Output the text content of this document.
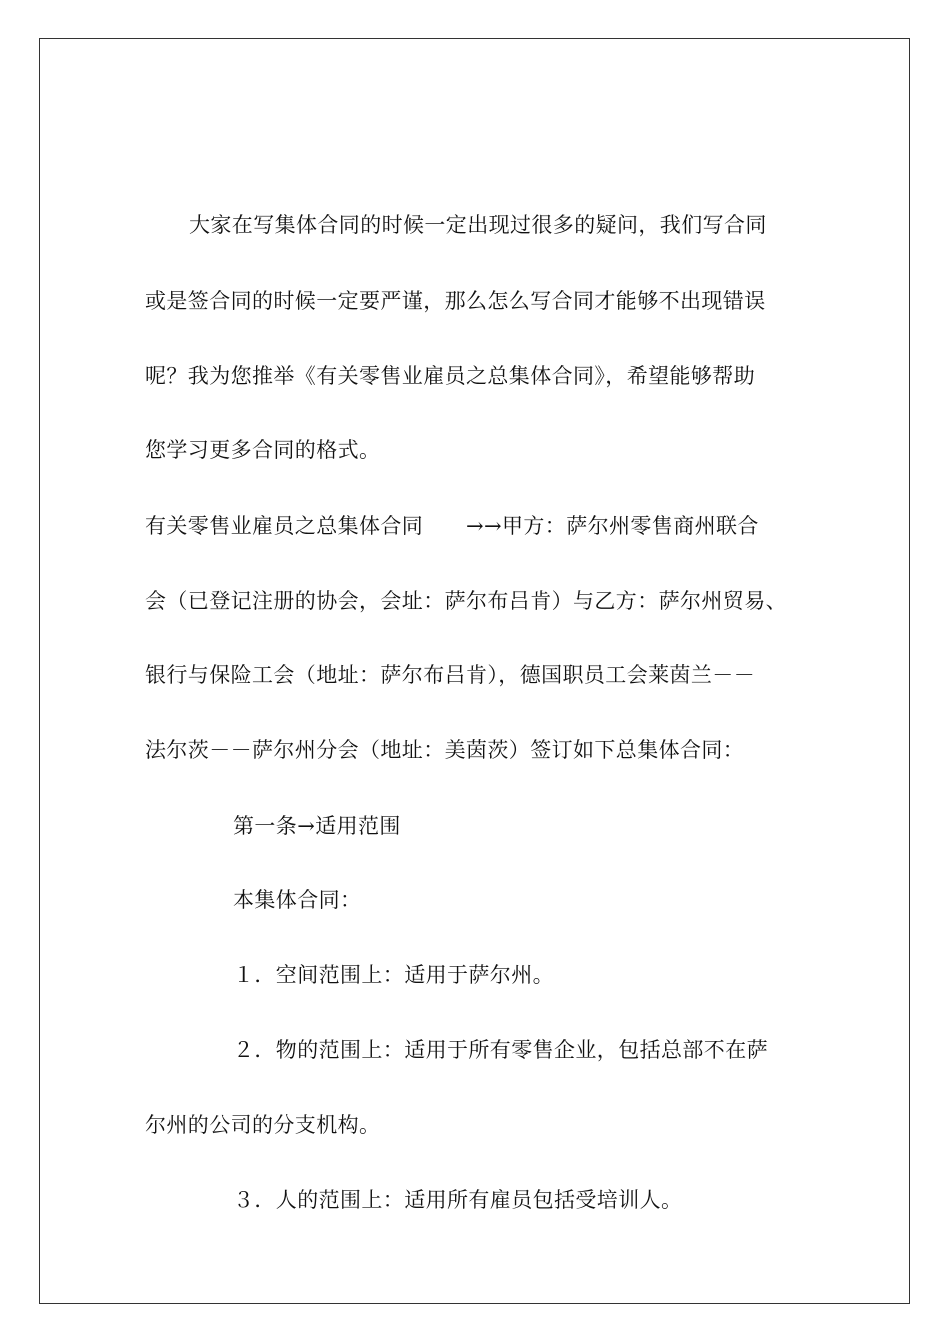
大家在写集体合同的时候一定出现过很多的疑问，我们写合同
或是签合同的时候一定要严谨，那么怎么写合同才能够不出现错误
呢？我为您推举《有关零售业雇员之总集体合同》，希望能够帮助
您学习更多合同的格式。
有关零售业雇员之总集体合同　　→→甲方：萨尔州零售商州联合
会（已登记注册的协会，会址：萨尔布吕肯）与乙方：萨尔州贸易、
银行与保险工会（地址：萨尔布吕肯），德国职员工会莱茵兰－－
法尔茨－－萨尔州分会（地址：美茵茨）签订如下总集体合同：
第一条→适用范围
本集体合同：
１．空间范围上：适用于萨尔州。
２．物的范围上：适用于所有零售企业，包括总部不在萨
尔州的公司的分支机构。
３．人的范围上：适用所有雇员包括受培训人。
